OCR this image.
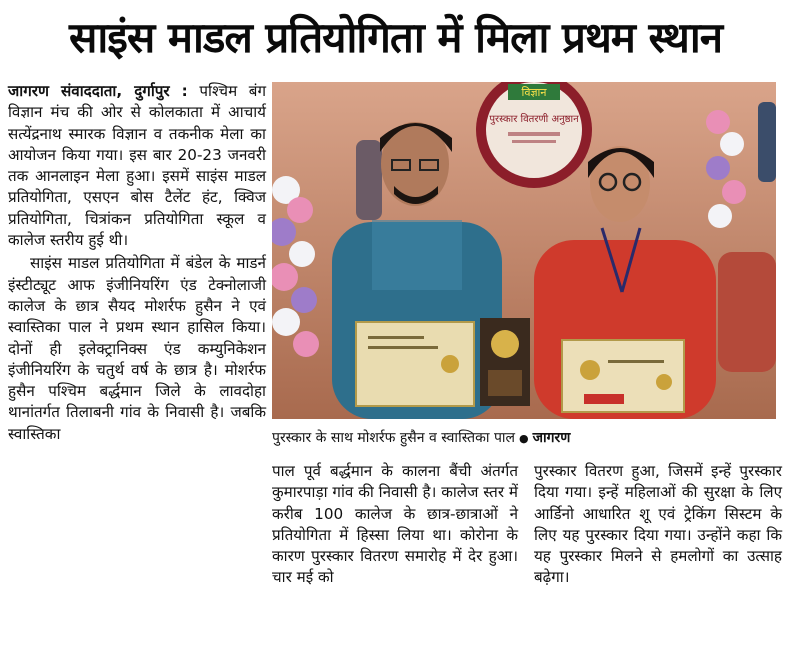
साइंस माडल प्रतियोगिता में मिला प्रथम स्थान

जागरण संवाददाता, दुर्गापुर : पश्चिम बंग विज्ञान मंच की ओर से कोलकाता में आचार्य सत्येंद्रनाथ स्मारक विज्ञान व तकनीक मेला का आयोजन किया गया। इस बार 20-23 जनवरी तक आनलाइन मेला हुआ। इसमें साइंस माडल प्रतियोगिता, एसएन बोस टैलेंट हंट, क्विज प्रतियोगिता, चित्रांकन प्रतियोगिता स्कूल व कालेज स्तरीय हुई थी।

साइंस माडल प्रतियोगिता में बंडेल के माडर्न इंस्टीट्यूट आफ इंजीनियरिंग एंड टेक्नोलाजी कालेज के छात्र सैयद मोशर्रफ हुसैन ने एवं स्वास्तिका पाल ने प्रथम स्थान हासिल किया। दोनों ही इलेक्ट्रानिक्स एंड कम्युनिकेशन इंजीनियरिंग के चतुर्थ वर्ष के छात्र है। मोशर्रफ हुसैन पश्चिम बर्द्धमान जिले के लावदोहा थानांतर्गत तिलाबनी गांव के निवासी है। जबकि स्वास्तिका

विज्ञान
पुरस्कार वितरणी अनुष्ठान
पुरस्कार के साथ मोशर्रफ हुसैन व स्वास्तिका पाल ● जागरण

पाल पूर्व बर्द्धमान के कालना बैंची अंतर्गत कुमारपाड़ा गांव की निवासी है। कालेज स्तर में करीब 100 कालेज के छात्र-छात्राओं ने प्रतियोगिता में हिस्सा लिया था। कोरोना के कारण पुरस्कार वितरण समारोह में देर हुआ। चार मई को

पुरस्कार वितरण हुआ, जिसमें इन्हें पुरस्कार दिया गया। इन्हें महिलाओं की सुरक्षा के लिए आर्डिनो आधारित शू एवं ट्रेकिंग सिस्टम के लिए यह पुरस्कार दिया गया। उन्होंने कहा कि यह पुरस्कार मिलने से हमलोगों का उत्साह बढ़ेगा।
